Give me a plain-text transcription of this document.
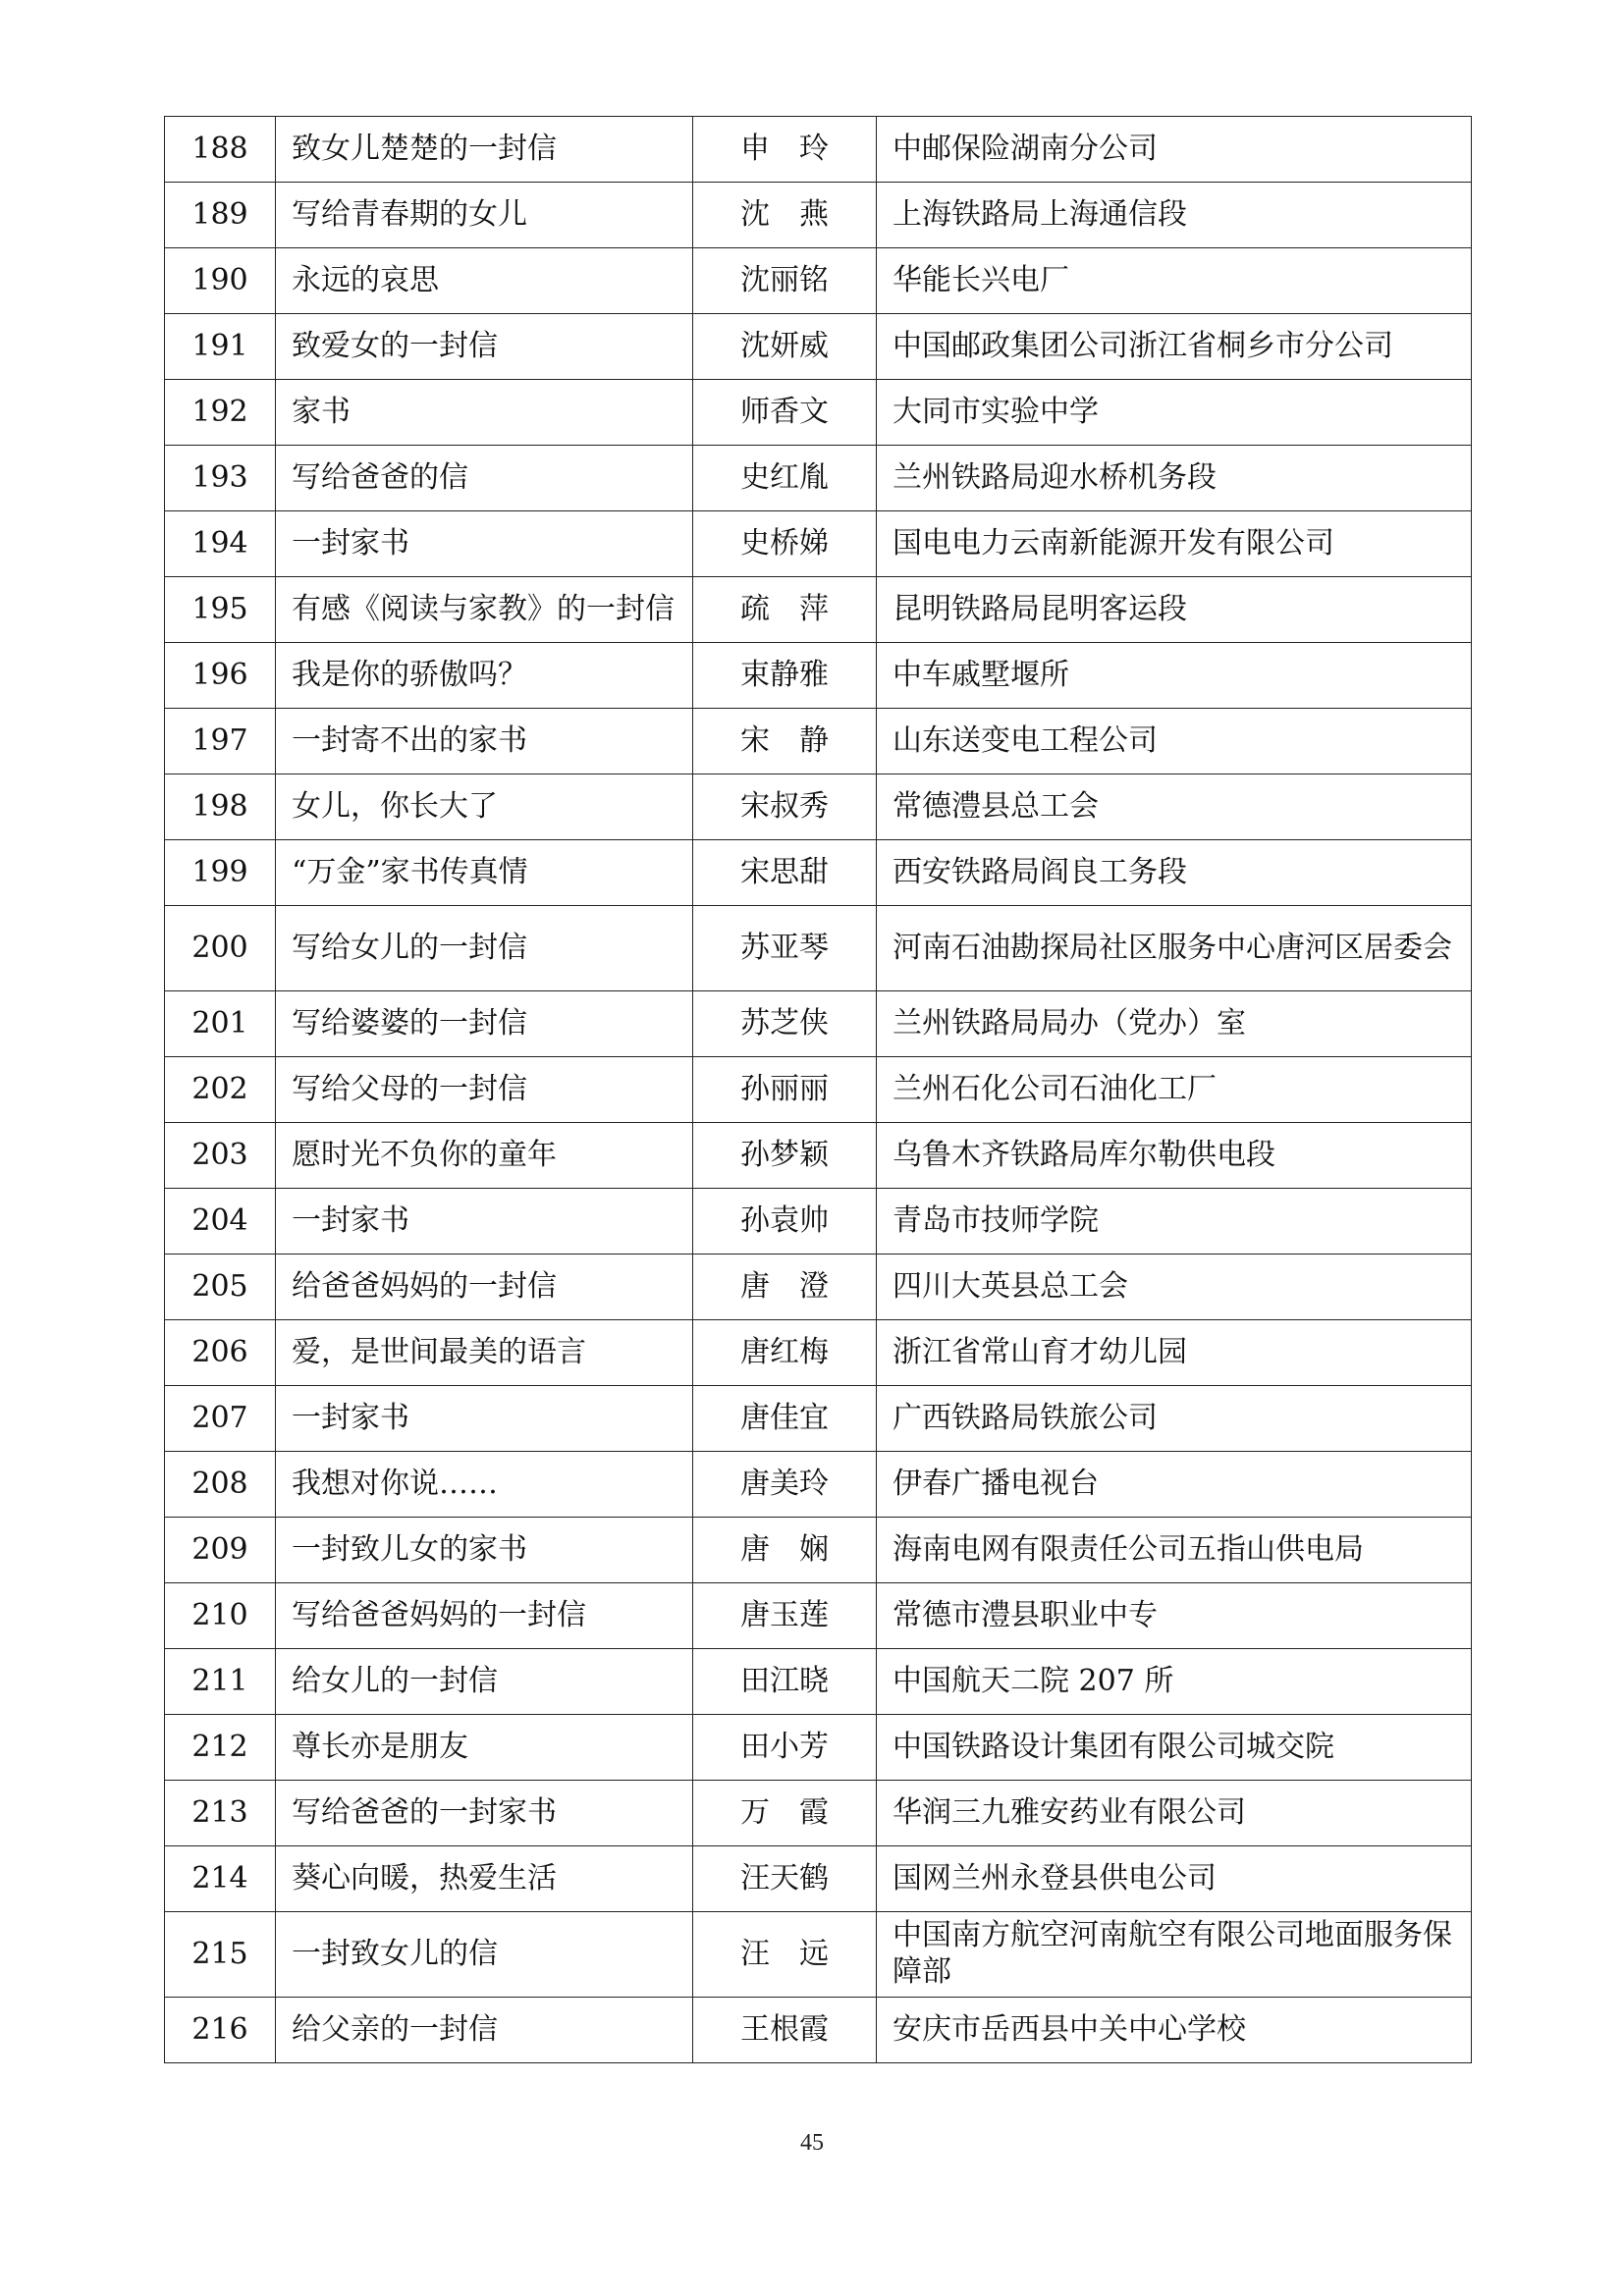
188	致女儿楚楚的一封信	申　玲	中邮保险湖南分公司
189	写给青春期的女儿	沈　燕	上海铁路局上海通信段
190	永远的哀思	沈丽铭	华能长兴电厂
191	致爱女的一封信	沈妍威	中国邮政集团公司浙江省桐乡市分公司
192	家书	师香文	大同市实验中学
193	写给爸爸的信	史红胤	兰州铁路局迎水桥机务段
194	一封家书	史桥娣	国电电力云南新能源开发有限公司
195	有感《阅读与家教》的一封信	疏　萍	昆明铁路局昆明客运段
196	我是你的骄傲吗？	束静雅	中车戚墅堰所
197	一封寄不出的家书	宋　静	山东送变电工程公司
198	女儿，你长大了	宋叔秀	常德澧县总工会
199	“万金”家书传真情	宋思甜	西安铁路局阎良工务段
200	写给女儿的一封信	苏亚琴	河南石油勘探局社区服务中心唐河区居委会
201	写给婆婆的一封信	苏芝侠	兰州铁路局局办（党办）室
202	写给父母的一封信	孙丽丽	兰州石化公司石油化工厂
203	愿时光不负你的童年	孙梦颖	乌鲁木齐铁路局库尔勒供电段
204	一封家书	孙袁帅	青岛市技师学院
205	给爸爸妈妈的一封信	唐　澄	四川大英县总工会
206	爱，是世间最美的语言	唐红梅	浙江省常山育才幼儿园
207	一封家书	唐佳宜	广西铁路局铁旅公司
208	我想对你说……	唐美玲	伊春广播电视台
209	一封致儿女的家书	唐　娴	海南电网有限责任公司五指山供电局
210	写给爸爸妈妈的一封信	唐玉莲	常德市澧县职业中专
211	给女儿的一封信	田江晓	中国航天二院 207 所
212	尊长亦是朋友	田小芳	中国铁路设计集团有限公司城交院
213	写给爸爸的一封家书	万　霞	华润三九雅安药业有限公司
214	葵心向暖，热爱生活	汪天鹤	国网兰州永登县供电公司
215	一封致女儿的信	汪　远	中国南方航空河南航空有限公司地面服务保障部
216	给父亲的一封信	王根霞	安庆市岳西县中关中心学校
45
